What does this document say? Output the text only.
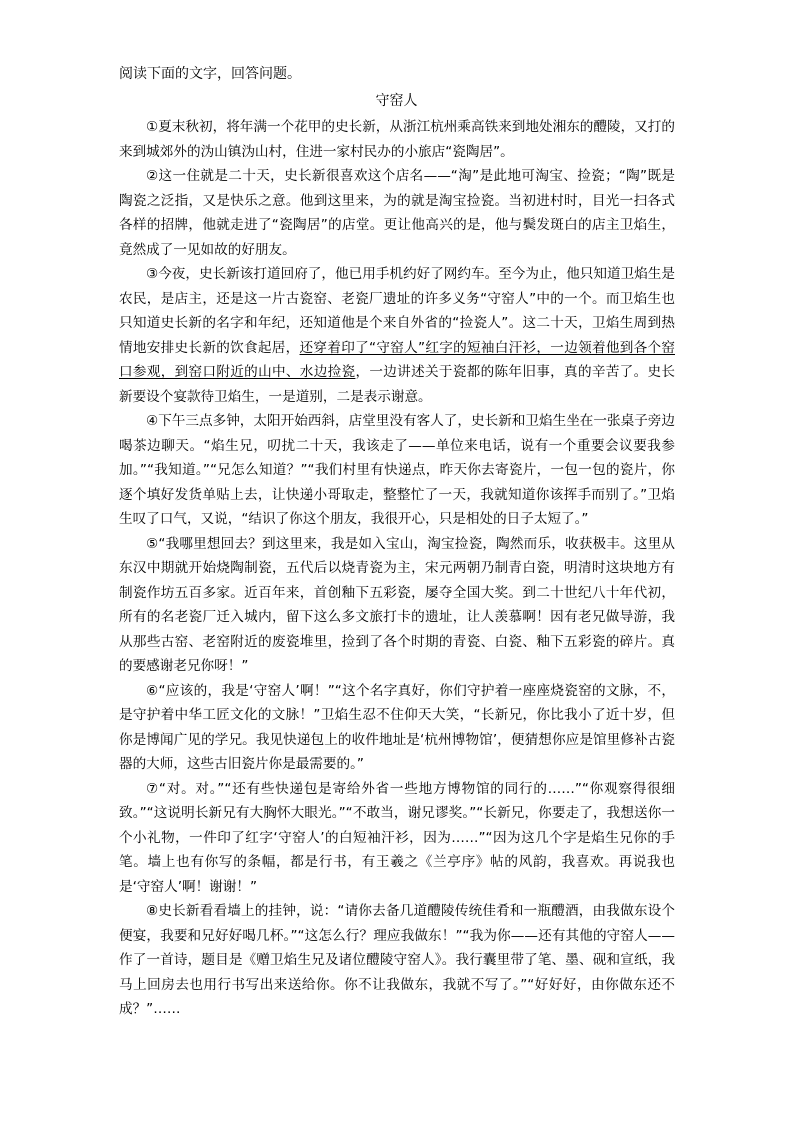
阅读下面的文字，回答问题。
守窑人

①夏末秋初，将年满一个花甲的史长新，从浙江杭州乘高铁来到地处湘东的醴陵，又打的来到城郊外的沩山镇沩山村，住进一家村民办的小旅店“瓷陶居”。

②这一住就是二十天，史长新很喜欢这个店名——“淘”是此地可淘宝、捡瓷；“陶”既是陶瓷之泛指，又是快乐之意。他到这里来，为的就是淘宝捡瓷。当初进村时，目光一扫各式各样的招牌，他就走进了“瓷陶居”的店堂。更让他高兴的是，他与鬓发斑白的店主卫焰生，竟然成了一见如故的好朋友。

③今夜，史长新该打道回府了，他已用手机约好了网约车。至今为止，他只知道卫焰生是农民，是店主，还是这一片古瓷窑、老瓷厂遗址的许多义务“守窑人”中的一个。而卫焰生也只知道史长新的名字和年纪，还知道他是个来自外省的“捡瓷人”。这二十天，卫焰生周到热情地安排史长新的饮食起居，还穿着印了“守窑人”红字的短袖白汗衫，一边领着他到各个窑口参观，到窑口附近的山中、水边捡瓷，一边讲述关于瓷都的陈年旧事，真的辛苦了。史长新要设个宴款待卫焰生，一是道别，二是表示谢意。

④下午三点多钟，太阳开始西斜，店堂里没有客人了，史长新和卫焰生坐在一张桌子旁边喝茶边聊天。“焰生兄，叨扰二十天，我该走了——单位来电话，说有一个重要会议要我参加。”“我知道。”“兄怎么知道？”“我们村里有快递点，昨天你去寄瓷片，一包一包的瓷片，你逐个填好发货单贴上去，让快递小哥取走，整整忙了一天，我就知道你该挥手而别了。”卫焰生叹了口气，又说，“结识了你这个朋友，我很开心，只是相处的日子太短了。”

⑤“我哪里想回去？到这里来，我是如入宝山，淘宝捡瓷，陶然而乐，收获极丰。这里从东汉中期就开始烧陶制瓷，五代后以烧青瓷为主，宋元两朝乃制青白瓷，明清时这块地方有制瓷作坊五百多家。近百年来，首创釉下五彩瓷，屡夺全国大奖。到二十世纪八十年代初，所有的名老瓷厂迁入城内，留下这么多文旅打卡的遗址，让人羡慕啊！因有老兄做导游，我从那些古窑、老窑附近的废瓷堆里，捡到了各个时期的青瓷、白瓷、釉下五彩瓷的碎片。真的要感谢老兄你呀！”

⑥“应该的，我是‘守窑人’啊！”“这个名字真好，你们守护着一座座烧瓷窑的文脉，不，是守护着中华工匠文化的文脉！”卫焰生忍不住仰天大笑，“长新兄，你比我小了近十岁，但你是博闻广见的学兄。我见快递包上的收件地址是‘杭州博物馆’，便猜想你应是馆里修补古瓷器的大师，这些古旧瓷片你是最需要的。”

⑦“对。对。”“还有些快递包是寄给外省一些地方博物馆的同行的……”“你观察得很细致。”“这说明长新兄有大胸怀大眼光。”“不敢当，谢兄谬奖。”“长新兄，你要走了，我想送你一个小礼物，一件印了红字‘守窑人’的白短袖汗衫，因为……”“因为这几个字是焰生兄你的手笔。墙上也有你写的条幅，都是行书，有王羲之《兰亭序》帖的风韵，我喜欢。再说我也是‘守窑人’啊！谢谢！”

⑧史长新看看墙上的挂钟，说：“请你去备几道醴陵传统佳肴和一瓶醴酒，由我做东设个便宴，我要和兄好好喝几杯。”“这怎么行？理应我做东！”“我为你——还有其他的守窑人——作了一首诗，题目是《赠卫焰生兄及诸位醴陵守窑人》。我行囊里带了笔、墨、砚和宣纸，我马上回房去也用行书写出来送给你。你不让我做东，我就不写了。”“好好好，由你做东还不成？”……
